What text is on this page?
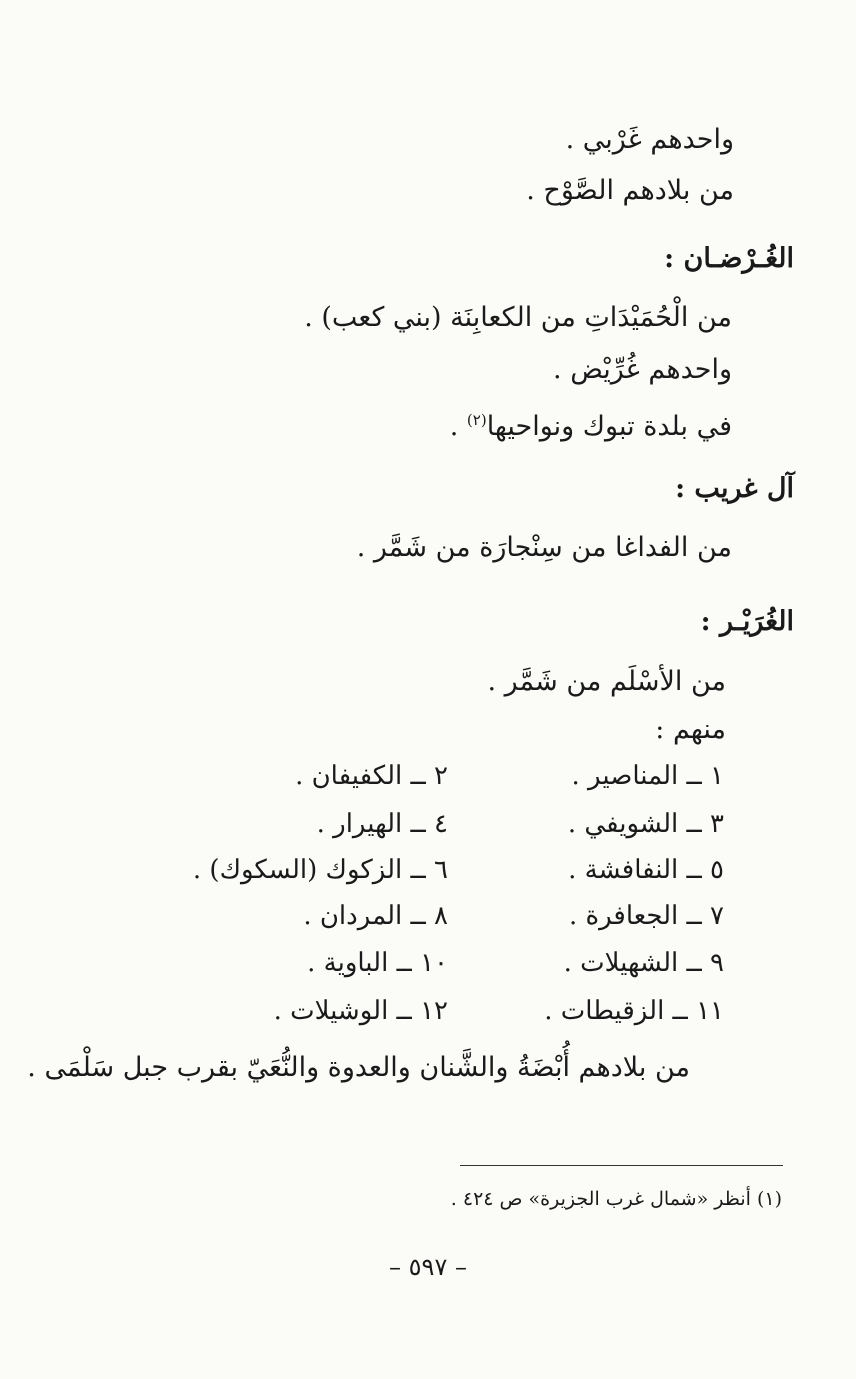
واحدهم غَرْبي .
من بلادهم الصَّوْح .
الغُـرْضـان :
من الْحُمَيْدَاتِ من الكعابِنَة (بني كعب) .
واحدهم غُرِّيْض .
في بلدة تبوك ونواحيها$^{(٢)}$ .
آل غريب :
من الفداغا من سِنْجارَة من شَمَّر .
الغُرَيْـر :
من الأسْلَم من شَمَّر .
منهم :
١ ــ المناصير .
٢ ــ الكفيفان .
٣ ــ الشويفي .
٤ ــ الهيرار .
٥ ــ النفافشة .
٦ ــ الزكوك (السكوك) .
٧ ــ الجعافرة .
٨ ــ المردان .
٩ ــ الشهيلات .
١٠ ــ الباوية .
١١ ــ الزقيطات .
١٢ ــ الوشيلات .
من بلادهم أُبْضَةُ والشَّنان والعدوة والنُّعَيّ بقرب جبل سَلْمَى .
(١) أنظر «شمال غرب الجزيرة» ص ٤٢٤ .
– ٥٩٧ –
